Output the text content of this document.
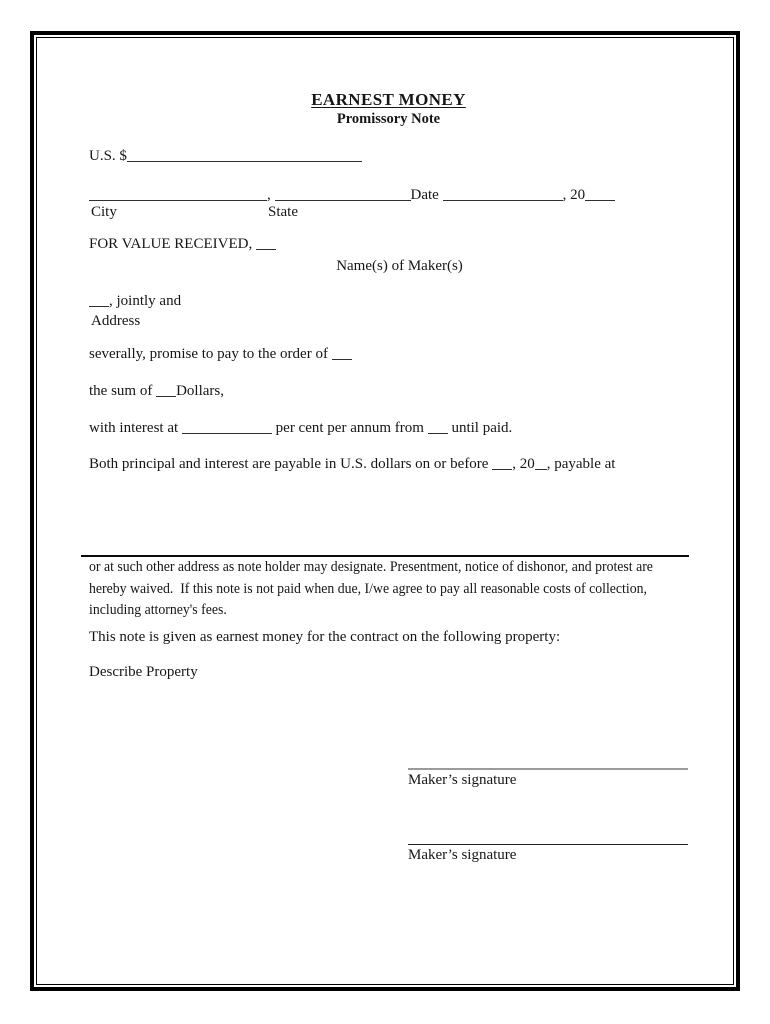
EARNEST MONEY
Promissory Note
U.S. $
,	Date	, 20
City	State
FOR VALUE RECEIVED,
Name(s) of Maker(s)
, jointly and
Address
severally, promise to pay to the order of
the sum of Dollars,
with interest at	per cent per annum from until paid.
Both principal and interest are payable in U.S. dollars on or before , 20 , payable at
or at such other address as note holder may designate. Presentment, notice of dishonor, and protest are
hereby waived.  If this note is not paid when due, I/we agree to pay all reasonable costs of collection,
including attorney's fees.
This note is given as earnest money for the contract on the following property:
Describe Property
Maker’s signature
Maker’s signature
